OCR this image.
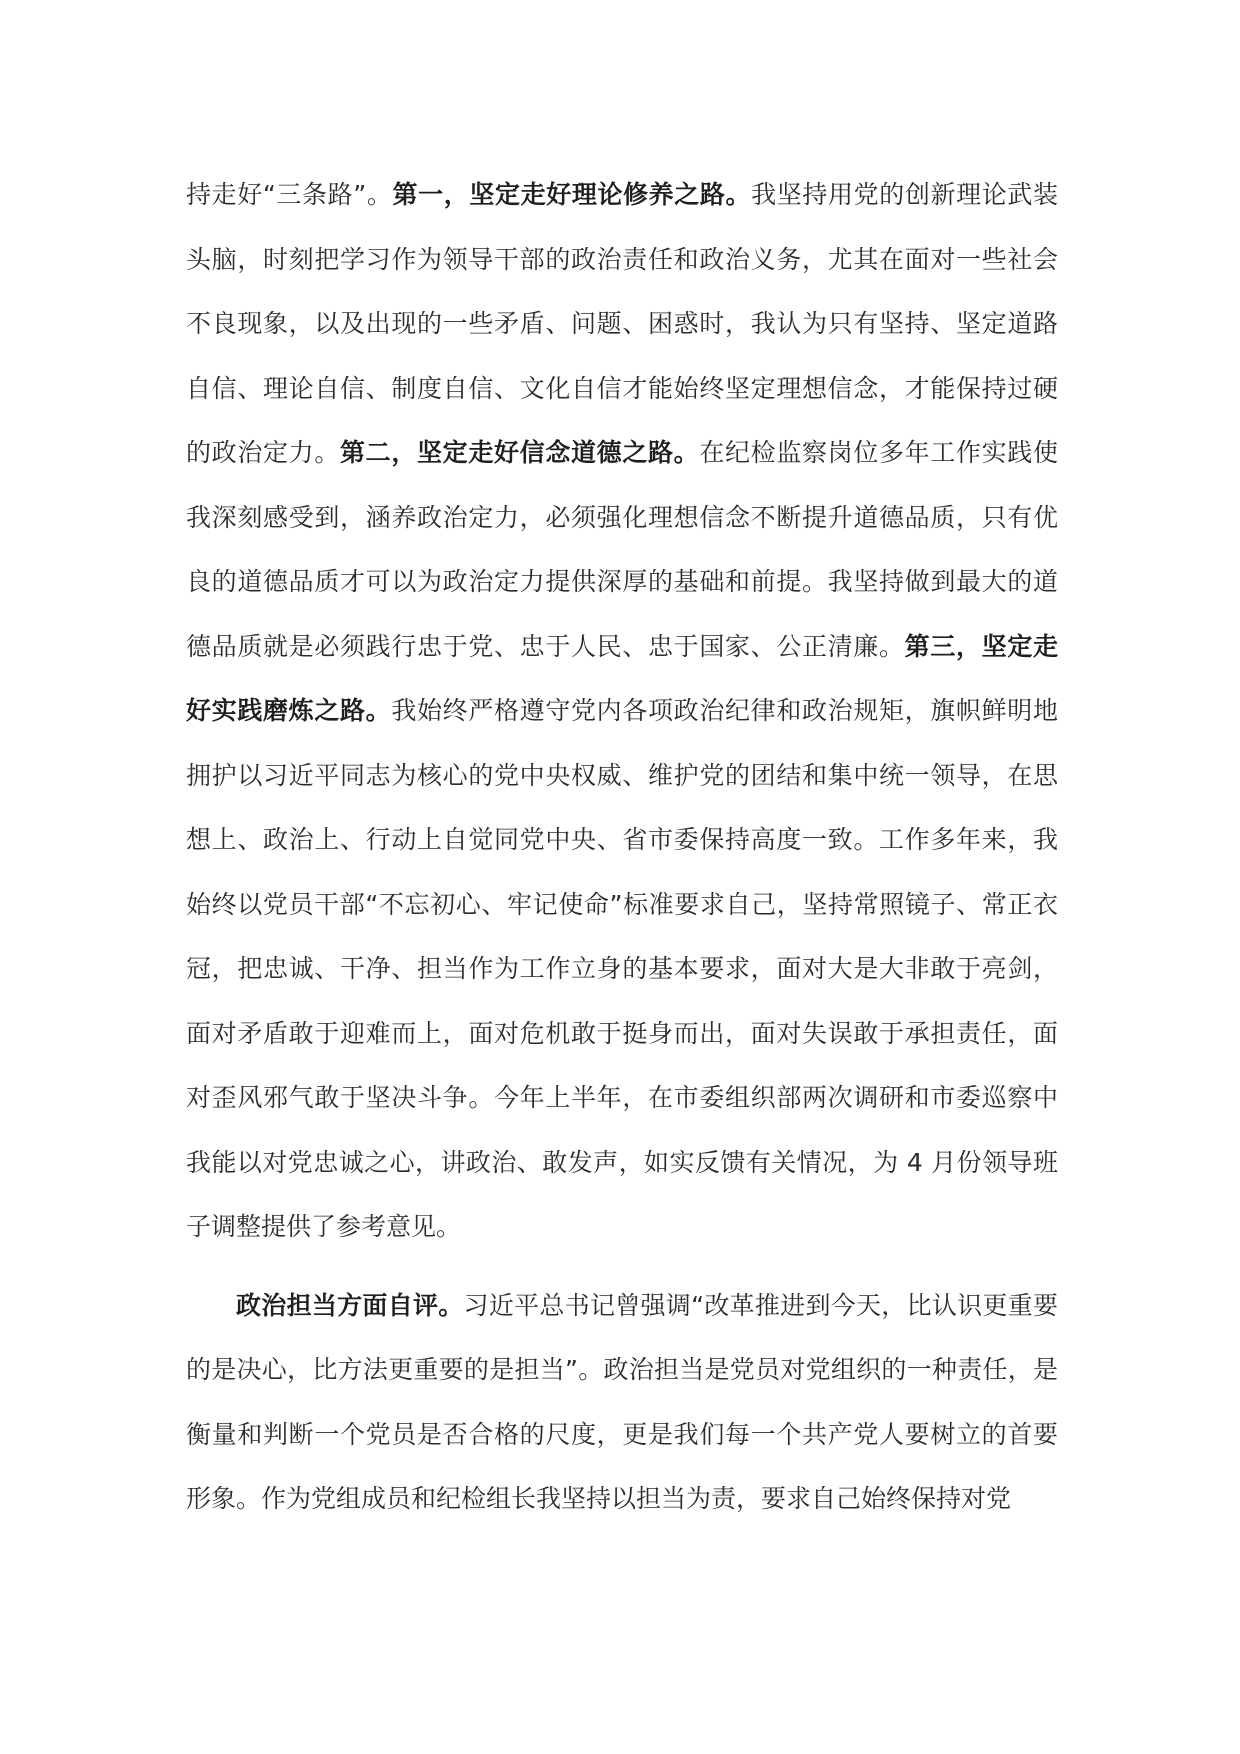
持走好“三条路”。第一，坚定走好理论修养之路。我坚持用党的创新理论武装头脑，时刻把学习作为领导干部的政治责任和政治义务，尤其在面对一些社会不良现象，以及出现的一些矛盾、问题、困惑时，我认为只有坚持、坚定道路自信、理论自信、制度自信、文化自信才能始终坚定理想信念，才能保持过硬的政治定力。第二，坚定走好信念道德之路。在纪检监察岗位多年工作实践使我深刻感受到，涵养政治定力，必须强化理想信念不断提升道德品质，只有优良的道德品质才可以为政治定力提供深厚的基础和前提。我坚持做到最大的道德品质就是必须践行忠于党、忠于人民、忠于国家、公正清廉。第三，坚定走好实践磨炼之路。我始终严格遵守党内各项政治纪律和政治规矩，旗帜鲜明地拥护以习近平同志为核心的党中央权威、维护党的团结和集中统一领导，在思想上、政治上、行动上自觉同党中央、省市委保持高度一致。工作多年来，我始终以党员干部“不忘初心、牢记使命”标准要求自己，坚持常照镜子、常正衣冠，把忠诚、干净、担当作为工作立身的基本要求，面对大是大非敢于亮剑，面对矛盾敢于迎难而上，面对危机敢于挺身而出，面对失误敢于承担责任，面对歪风邪气敢于坚决斗争。今年上半年，在市委组织部两次调研和市委巡察中我能以对党忠诚之心，讲政治、敢发声，如实反馈有关情况，为 4 月份领导班子调整提供了参考意见。

政治担当方面自评。习近平总书记曾强调“改革推进到今天，比认识更重要的是决心，比方法更重要的是担当”。政治担当是党员对党组织的一种责任，是衡量和判断一个党员是否合格的尺度，更是我们每一个共产党人要树立的首要形象。作为党组成员和纪检组长我坚持以担当为责，要求自己始终保持对党
